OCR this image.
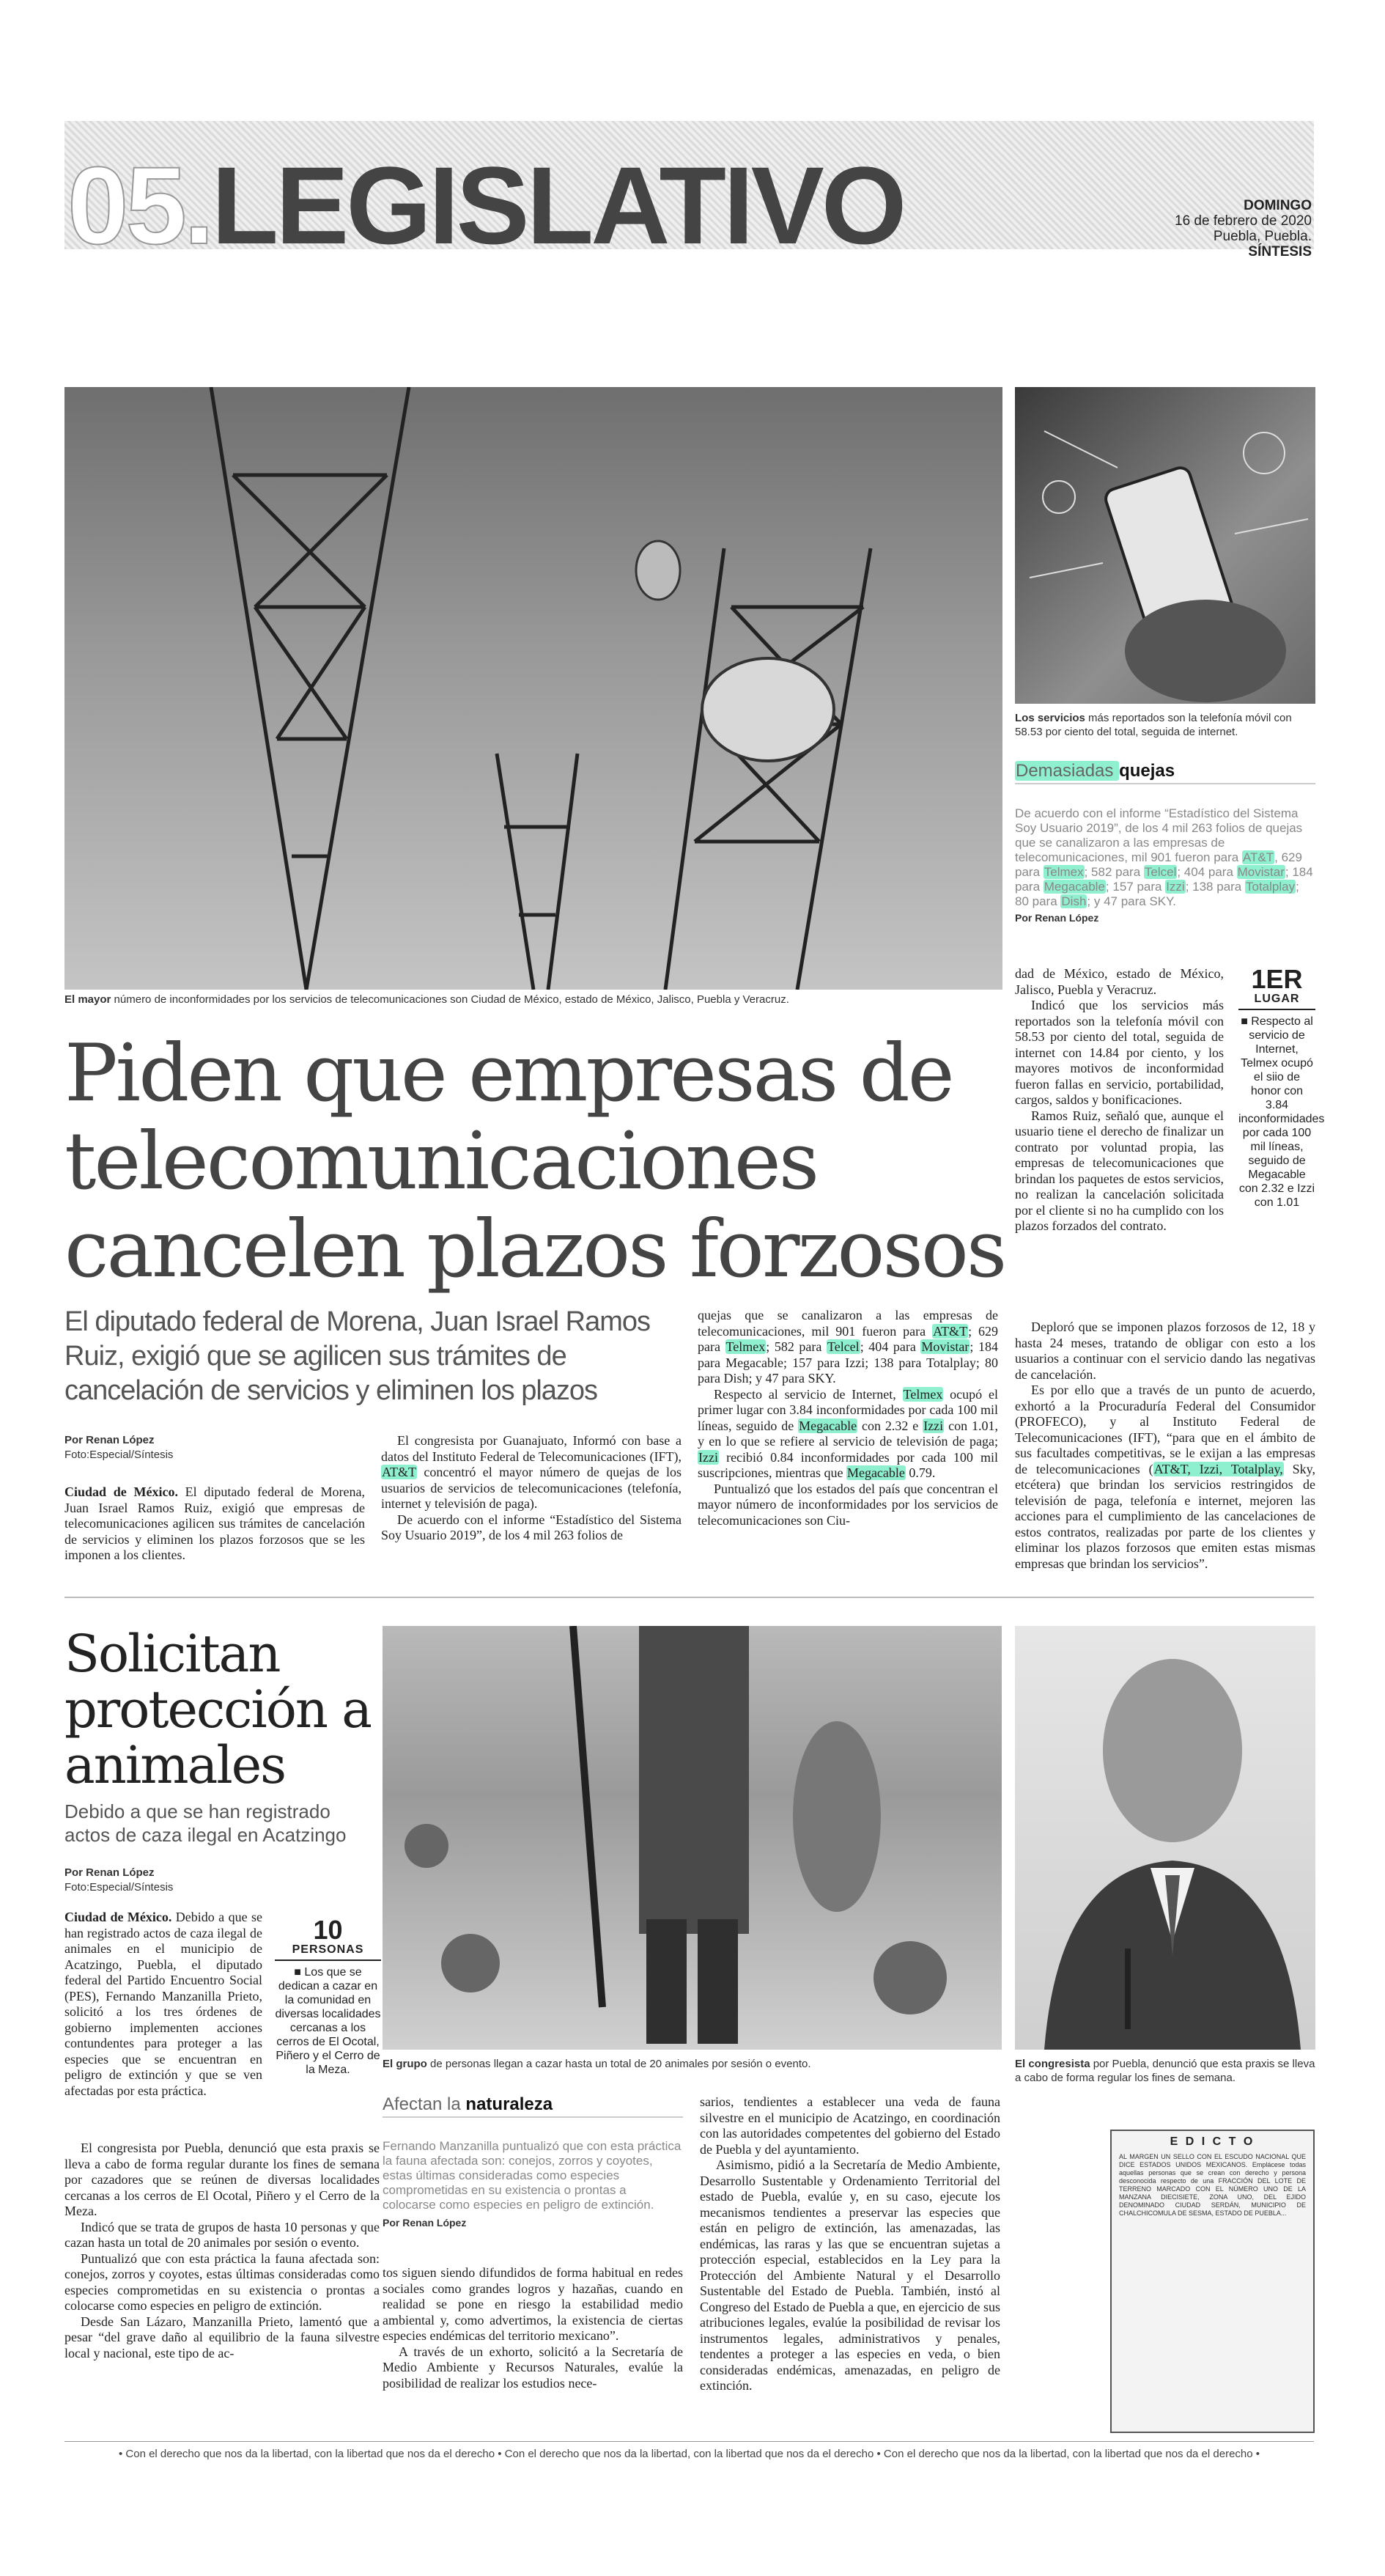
05.LEGISLATIVO	DOMINGO
16 de febrero de 2020
Puebla, Puebla.
SÍNTESIS
El mayor número de inconformidades por los servicios de telecomunicaciones son Ciudad de México, estado de México, Jalisco, Puebla y Veracruz.
Piden que empresas de telecomunicaciones cancelen plazos forzosos
El diputado federal de Morena, Juan Israel Ramos Ruiz, exigió que se agilicen sus trámites de cancelación de servicios y eliminen los plazos
Por Renan López
Foto:Especial/Síntesis

Ciudad de México. El diputado federal de Morena, Juan Israel Ramos Ruiz, exigió que empresas de telecomunicaciones agilicen sus trámites de cancelación de servicios y eliminen los plazos forzosos que se les imponen a los clientes.

El congresista por Guanajuato, Informó con base a datos del Instituto Federal de Telecomunicaciones (IFT), AT&T concentró el mayor número de quejas de los usuarios de servicios de telecomunicaciones (telefonía, internet y televisión de paga).

De acuerdo con el informe “Estadístico del Sistema Soy Usuario 2019”, de los 4 mil 263 folios de

quejas que se canalizaron a las empresas de telecomunicaciones, mil 901 fueron para AT&T; 629 para Telmex; 582 para Telcel; 404 para Movistar; 184 para Megacable; 157 para Izzi; 138 para Totalplay; 80 para Dish; y 47 para SKY.

Respecto al servicio de Internet, Telmex ocupó el primer lugar con 3.84 inconformidades por cada 100 mil líneas, seguido de Megacable con 2.32 e Izzi con 1.01, y en lo que se refiere al servicio de televisión de paga; Izzi recibió 0.84 inconformidades por cada 100 mil suscripciones, mientras que Megacable 0.79.

Puntualizó que los estados del país que concentran el mayor número de inconformidades por los servicios de telecomunicaciones son Ciu-

dad de México, estado de México, Jalisco, Puebla y Veracruz.

Indicó que los servicios más reportados son la telefonía móvil con 58.53 por ciento del total, seguida de internet con 14.84 por ciento, y los mayores motivos de inconformidad fueron fallas en servicio, portabilidad, cargos, saldos y bonificaciones.

Ramos Ruiz, señaló que, aunque el usuario tiene el derecho de finalizar un contrato por voluntad propia, las empresas de telecomunicaciones que brindan los paquetes de estos servicios, no realizan la cancelación solicitada por el cliente si no ha cumplido con los plazos forzados del contrato.

Deploró que se imponen plazos forzosos de 12, 18 y hasta 24 meses, tratando de obligar con esto a los usuarios a continuar con el servicio dando las negativas de cancelación.

Es por ello que a través de un punto de acuerdo, exhortó a la Procuraduría Federal del Consumidor (PROFECO), y al Instituto Federal de Telecomunicaciones (IFT), “para que en el ámbito de sus facultades competitivas, se le exijan a las empresas de telecomunicaciones (AT&T, Izzi, Totalplay, Sky, etcétera) que brindan los servicios restringidos de televisión de paga, telefonía e internet, mejoren las acciones para el cumplimiento de las cancelaciones de estos contratos, realizadas por parte de los clientes y eliminar los plazos forzosos que emiten estas mismas empresas que brindan los servicios”.

1ER
LUGAR
■ Respecto al servicio de Internet, Telmex ocupó el siio de honor con 3.84 inconformidades por cada 100 mil líneas, seguido de Megacable con 2.32 e Izzi con 1.01
Los servicios más reportados son la telefonía móvil con 58.53 por ciento del total, seguida de internet.
Demasiadas quejas
De acuerdo con el informe “Estadístico del Sistema Soy Usuario 2019”, de los 4 mil 263 folios de quejas que se canalizaron a las empresas de telecomunicaciones, mil 901 fueron para AT&T, 629 para Telmex; 582 para Telcel; 404 para Movistar; 184 para Megacable; 157 para Izzi; 138 para Totalplay; 80 para Dish; y 47 para SKY.
Por Renan López
Solicitan protección a animales
Debido a que se han registrado actos de caza ilegal en Acatzingo
Por Renan López
Foto:Especial/Síntesis

Ciudad de México. Debido a que se han registrado actos de caza ilegal de animales en el municipio de Acatzingo, Puebla, el diputado federal del Partido Encuentro Social (PES), Fernando Manzanilla Prieto, solicitó a los tres órdenes de gobierno implementen acciones contundentes para proteger a las especies que se encuentran en peligro de extinción y que se ven afectadas por esta práctica.

El congresista por Puebla, denunció que esta praxis se lleva a cabo de forma regular durante los fines de semana por cazadores que se reúnen de diversas localidades cercanas a los cerros de El Ocotal, Piñero y el Cerro de la Meza.

Indicó que se trata de grupos de hasta 10 personas y que cazan hasta un total de 20 animales por sesión o evento.

Puntualizó que con esta práctica la fauna afectada son: conejos, zorros y coyotes, estas últimas consideradas como especies comprometidas en su existencia o prontas a colocarse como especies en peligro de extinción.

Desde San Lázaro, Manzanilla Prieto, lamentó que a pesar “del grave daño al equilibrio de la fauna silvestre local y nacional, este tipo de ac-

10
PERSONAS
■ Los que se dedican a cazar en la comunidad en diversas localidades cercanas a los cerros de El Ocotal, Piñero y el Cerro de la Meza.	El grupo de personas llegan a cazar hasta un total de 20 animales por sesión o evento.
Afectan la naturaleza
Fernando Manzanilla puntualizó que con esta práctica la fauna afectada son: conejos, zorros y coyotes, estas últimas consideradas como especies comprometidas en su existencia o prontas a colocarse como especies en peligro de extinción.
Por Renan López

tos siguen siendo difundidos de forma habitual en redes sociales como grandes logros y hazañas, cuando en realidad se pone en riesgo la estabilidad medio ambiental y, como advertimos, la existencia de ciertas especies endémicas del territorio mexicano”.

A través de un exhorto, solicitó a la Secretaría de Medio Ambiente y Recursos Naturales, evalúe la posibilidad de realizar los estudios nece-

sarios, tendientes a establecer una veda de fauna silvestre en el municipio de Acatzingo, en coordinación con las autoridades competentes del gobierno del Estado de Puebla y del ayuntamiento.

Asimismo, pidió a la Secretaría de Medio Ambiente, Desarrollo Sustentable y Ordenamiento Territorial del estado de Puebla, evalúe y, en su caso, ejecute los mecanismos tendientes a preservar las especies que están en peligro de extinción, las amenazadas, las endémicas, las raras y las que se encuentran sujetas a protección especial, establecidos en la Ley para la Protección del Ambiente Natural y el Desarrollo Sustentable del Estado de Puebla. También, instó al Congreso del Estado de Puebla a que, en ejercicio de sus atribuciones legales, evalúe la posibilidad de revisar los instrumentos legales, administrativos y penales, tendentes a proteger a las especies en veda, o bien consideradas endémicas, amenazadas, en peligro de extinción.

El congresista por Puebla, denunció que esta praxis se lleva a cabo de forma regular los fines de semana.
E D I C T O
AL MARGEN UN SELLO CON EL ESCUDO NACIONAL QUE DICE ESTADOS UNIDOS MEXICANOS. Emplácese todas aquellas personas que se crean con derecho y persona desconocida respecto de una FRACCIÓN DEL LOTE DE TERRENO MARCADO CON EL NÚMERO UNO DE LA MANZANA DIECISIETE, ZONA UNO, DEL EJIDO DENOMINADO CIUDAD SERDÁN, MUNICIPIO DE CHALCHICOMULA DE SESMA, ESTADO DE PUEBLA...
• Con el derecho que nos da la libertad, con la libertad que nos da el derecho • Con el derecho que nos da la libertad, con la libertad que nos da el derecho • Con el derecho que nos da la libertad, con la libertad que nos da el derecho •
